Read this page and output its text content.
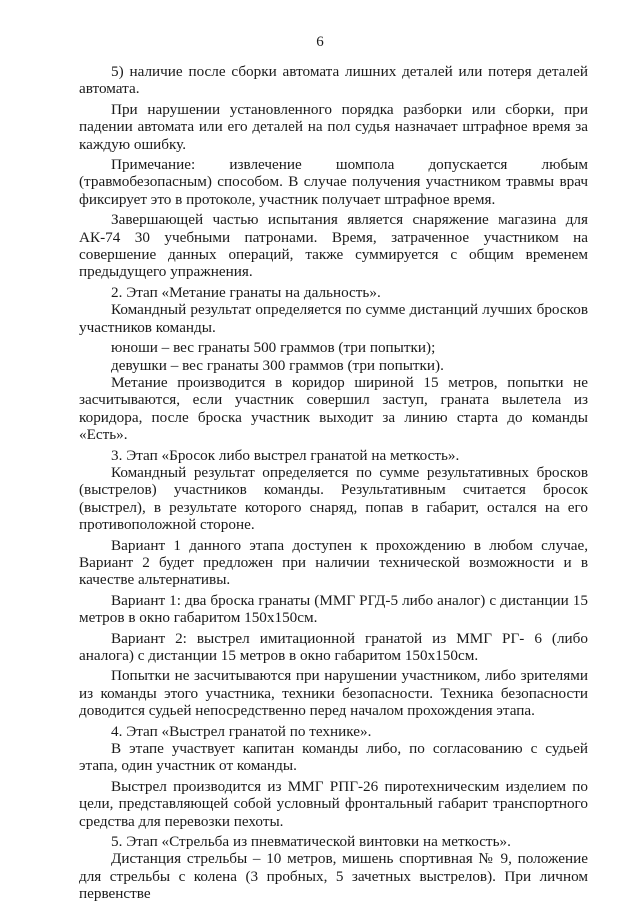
6

5) наличие после сборки автомата лишних деталей или потеря деталей автомата.

При нарушении установленного порядка разборки или сборки, при падении автомата или его деталей на пол судья назначает штрафное время за каждую ошибку.

Примечание: извлечение шомпола допускается любым (травмобезопасным) способом. В случае получения участником травмы врач фиксирует это в протоколе, участник получает штрафное время.

Завершающей частью испытания является снаряжение магазина для АК-74 30 учебными патронами. Время, затраченное участником на совершение данных операций, также суммируется с общим временем предыдущего упражнения.

2. Этап «Метание гранаты на дальность».

Командный результат определяется по сумме дистанций лучших бросков участников команды.

юноши – вес гранаты 500 граммов (три попытки);

девушки – вес гранаты 300 граммов (три попытки).

Метание производится в коридор шириной 15 метров, попытки не засчитываются, если участник совершил заступ, граната вылетела из коридора, после броска участник выходит за линию старта до команды «Есть».

3. Этап «Бросок либо выстрел гранатой на меткость».

Командный результат определяется по сумме результативных бросков (выстрелов) участников команды. Результативным считается бросок (выстрел), в результате которого снаряд, попав в габарит, остался на его противоположной стороне.

Вариант 1 данного этапа доступен к прохождению в любом случае, Вариант 2 будет предложен при наличии технической возможности и в качестве альтернативы.

Вариант 1: два броска гранаты (ММГ РГД-5 либо аналог) с дистанции 15 метров в окно габаритом 150х150см.

Вариант 2: выстрел имитационной гранатой из ММГ РГ- 6 (либо аналога) с дистанции 15 метров в окно габаритом 150х150см.

Попытки не засчитываются при нарушении участником, либо зрителями из команды этого участника, техники безопасности. Техника безопасности доводится судьей непосредственно перед началом прохождения этапа.

4. Этап «Выстрел гранатой по технике».

В этапе участвует капитан команды либо, по согласованию с судьей этапа, один участник от команды.

Выстрел производится из ММГ РПГ-26 пиротехническим изделием по цели, представляющей собой условный фронтальный габарит транспортного средства для перевозки пехоты.

5. Этап «Стрельба из пневматической винтовки на меткость».

Дистанция стрельбы – 10 метров, мишень спортивная № 9, положение для стрельбы с колена (3 пробных, 5 зачетных выстрелов). При личном первенстве
